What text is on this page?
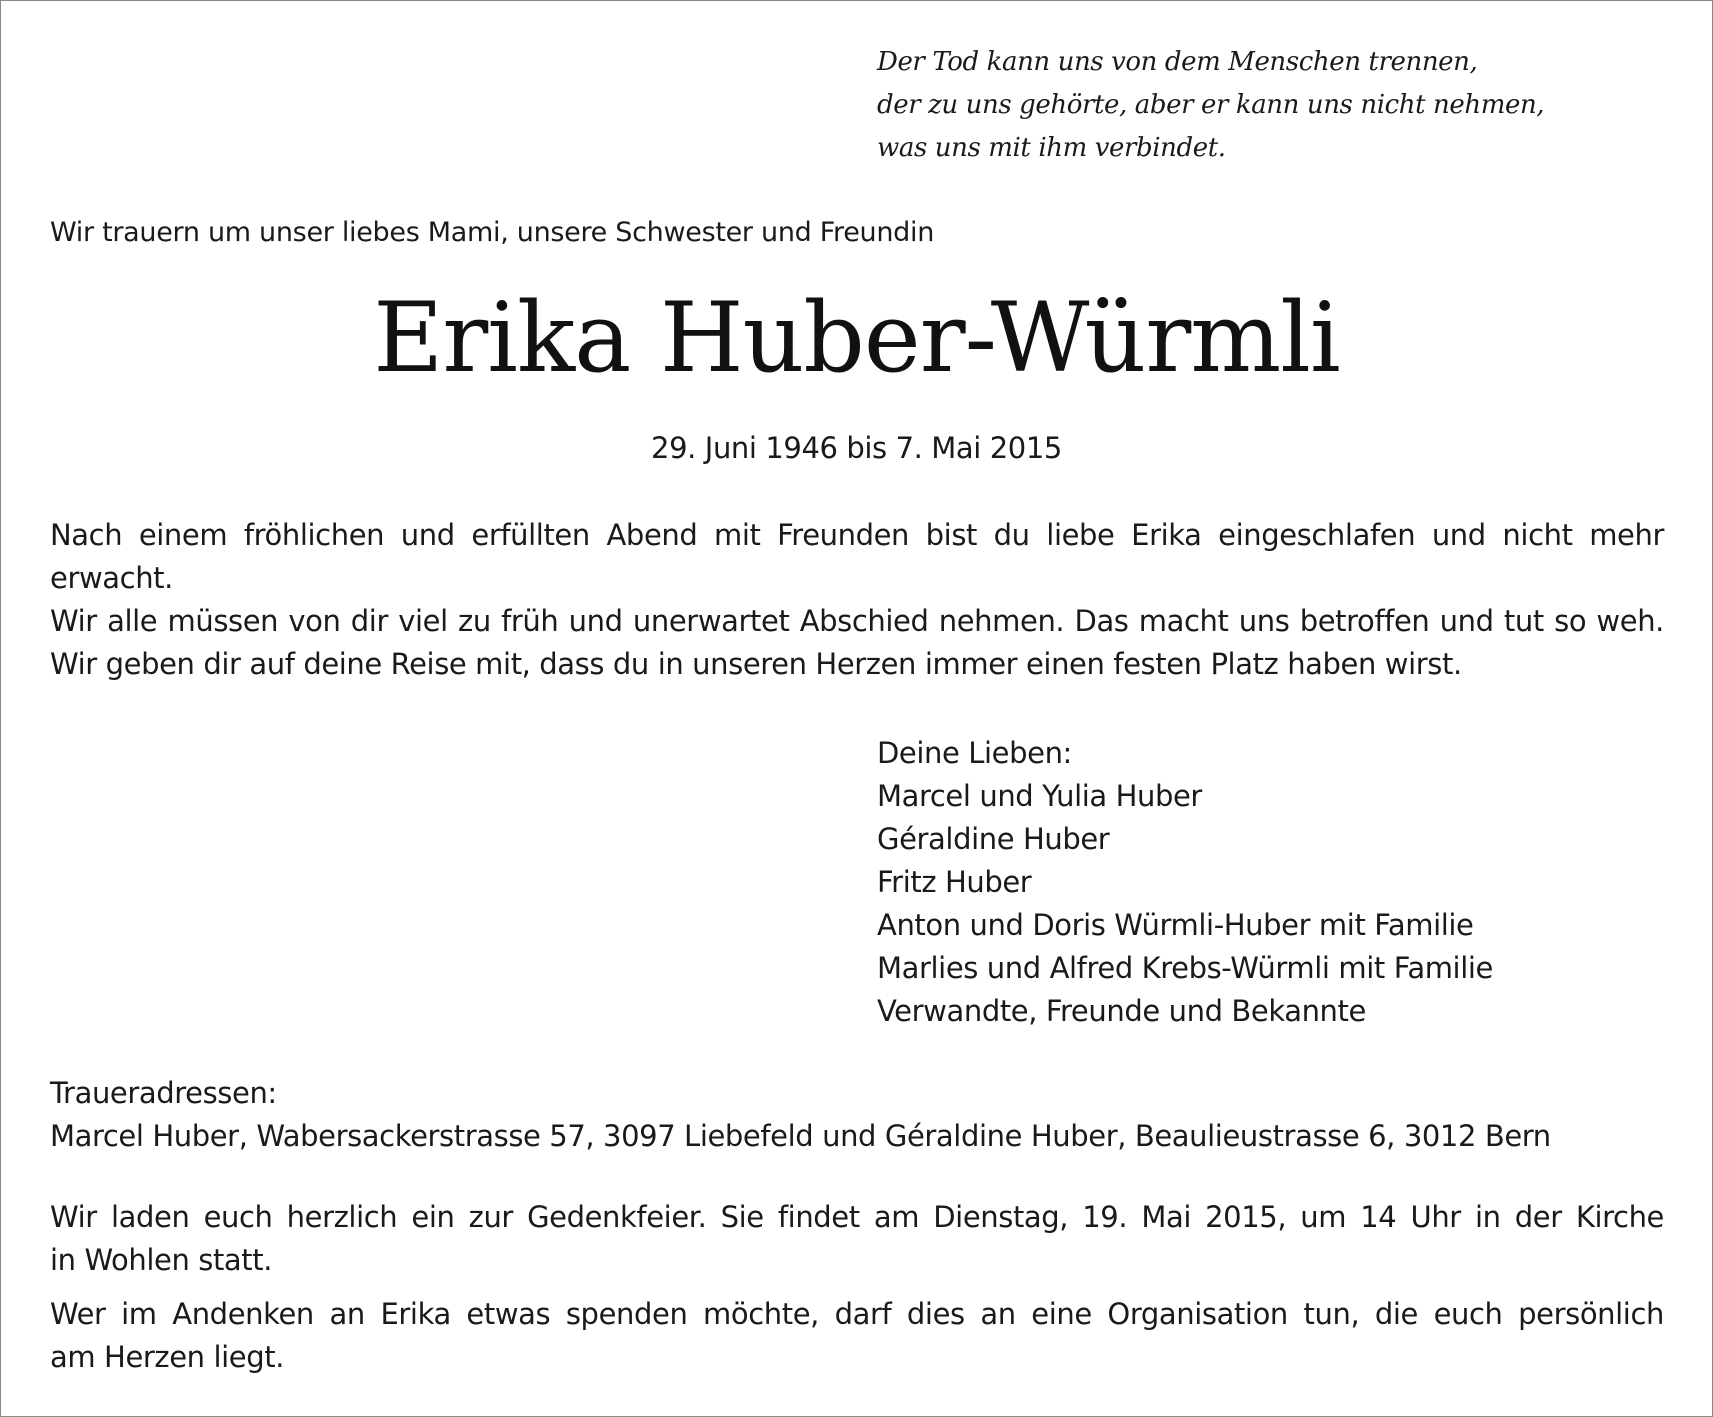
Der Tod kann uns von dem Menschen trennen,
der zu uns gehörte, aber er kann uns nicht nehmen,
was uns mit ihm verbindet.
Wir trauern um unser liebes Mami, unsere Schwester und Freundin
Erika Huber-Würmli
29. Juni 1946 bis 7. Mai 2015
Nach einem fröhlichen und erfüllten Abend mit Freunden bist du liebe Erika eingeschlafen und nicht mehr
erwacht.
Wir alle müssen von dir viel zu früh und unerwartet Abschied nehmen. Das macht uns betroffen und tut so weh.
Wir geben dir auf deine Reise mit, dass du in unseren Herzen immer einen festen Platz haben wirst.
Deine Lieben:
Marcel und Yulia Huber
Géraldine Huber
Fritz Huber
Anton und Doris Würmli-Huber mit Familie
Marlies und Alfred Krebs-Würmli mit Familie
Verwandte, Freunde und Bekannte
Traueradressen:
Marcel Huber, Wabersackerstrasse 57, 3097 Liebefeld und Géraldine Huber, Beaulieustrasse 6, 3012 Bern
Wir laden euch herzlich ein zur Gedenkfeier. Sie findet am Dienstag, 19. Mai 2015, um 14 Uhr in der Kirche
in Wohlen statt.
Wer im Andenken an Erika etwas spenden möchte, darf dies an eine Organisation tun, die euch persönlich
am Herzen liegt.
